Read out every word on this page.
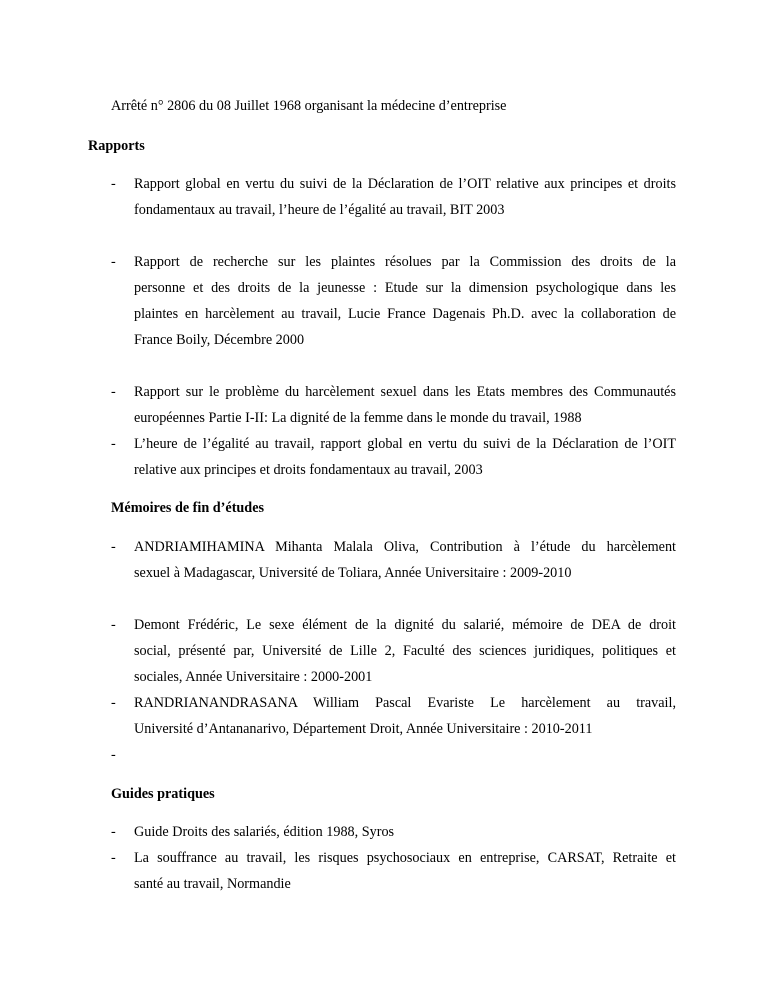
Arrêté n° 2806 du 08 Juillet 1968 organisant la médecine d’entreprise

Rapports

- Rapport global en vertu du suivi de la Déclaration de l’OIT relative aux principes et droits

fondamentaux au travail, l’heure de l’égalité au travail, BIT 2003

- Rapport de recherche sur les plaintes résolues par la Commission des droits de la

personne et des droits de la jeunesse : Etude sur la dimension psychologique dans les

plaintes en harcèlement au travail, Lucie France Dagenais Ph.D. avec la collaboration de

France Boily, Décembre 2000

- Rapport sur le problème du harcèlement sexuel dans les Etats membres des Communautés

européennes Partie I-II: La dignité de la femme dans le monde du travail, 1988

- L’heure de l’égalité au travail, rapport global en vertu du suivi de la Déclaration de l’OIT

relative aux principes et droits fondamentaux au travail, 2003

Mémoires de fin d’études

- ANDRIAMIHAMINA Mihanta Malala Oliva, Contribution à l’étude du harcèlement

sexuel à Madagascar, Université de Toliara, Année Universitaire : 2009-2010

- Demont Frédéric, Le sexe élément de la dignité du salarié, mémoire de DEA de droit

social, présenté par, Université de Lille 2, Faculté des sciences juridiques, politiques et

sociales, Année Universitaire : 2000-2001

- RANDRIANANDRASANA William Pascal Evariste Le harcèlement au travail,

Université d’Antananarivo, Département Droit, Année Universitaire : 2010-2011

-

Guides pratiques

- Guide Droits des salariés, édition 1988, Syros

- La souffrance au travail, les risques psychosociaux en entreprise, CARSAT, Retraite et

santé au travail, Normandie
